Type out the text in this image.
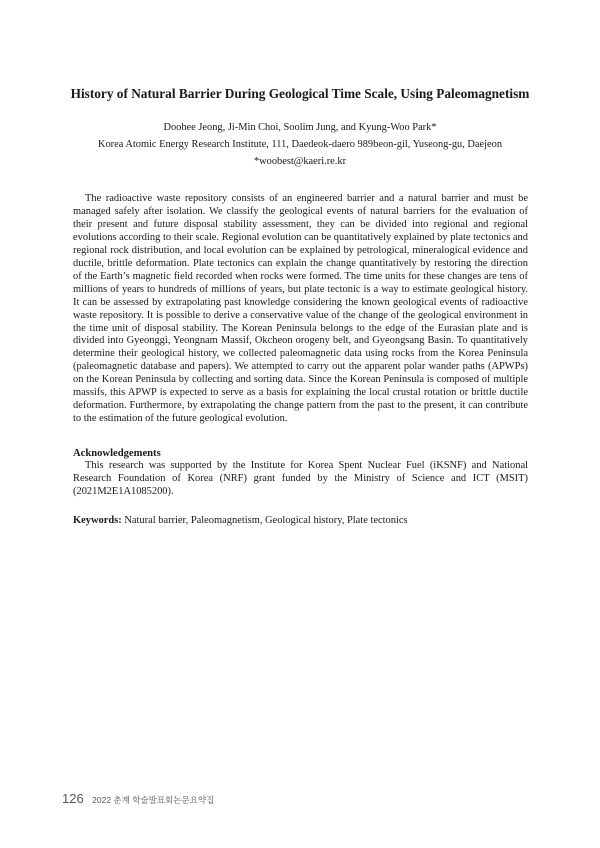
History of Natural Barrier During Geological Time Scale, Using Paleomagnetism

Doohee Jeong, Ji-Min Choi, Soolim Jung, and Kyung-Woo Park*

Korea Atomic Energy Research Institute, 111, Daedeok-daero 989beon-gil, Yuseong-gu, Daejeon

*woobest@kaeri.re.kr

The radioactive waste repository consists of an engineered barrier and a natural barrier and must be managed safely after isolation. We classify the geological events of natural barriers for the evaluation of their present and future disposal stability assessment, they can be divided into regional and regional evolutions according to their scale. Regional evolution can be quantitatively explained by plate tectonics and regional rock distribution, and local evolution can be explained by petrological, mineralogical evidence and ductile, brittle deformation. Plate tectonics can explain the change quantitatively by restoring the direction of the Earth’s magnetic field recorded when rocks were formed. The time units for these changes are tens of millions of years to hundreds of millions of years, but plate tectonic is a way to estimate geological history. It can be assessed by extrapolating past knowledge considering the known geological events of radioactive waste repository. It is possible to derive a conservative value of the change of the geological environment in the time unit of disposal stability. The Korean Peninsula belongs to the edge of the Eurasian plate and is divided into Gyeonggi, Yeongnam Massif, Okcheon orogeny belt, and Gyeongsang Basin. To quantitatively determine their geological history, we collected paleomagnetic data using rocks from the Korea Peninsula (paleomagnetic database and papers). We attempted to carry out the apparent polar wander paths (APWPs) on the Korean Peninsula by collecting and sorting data. Since the Korean Peninsula is composed of multiple massifs, this APWP is expected to serve as a basis for explaining the local crustal rotation or brittle ductile deformation. Furthermore, by extrapolating the change pattern from the past to the present, it can contribute to the estimation of the future geological evolution.

Acknowledgements

This research was supported by the Institute for Korea Spent Nuclear Fuel (iKSNF) and National Research Foundation of Korea (NRF) grant funded by the Ministry of Science and ICT (MSIT) (2021M2E1A1085200).

Keywords: Natural barrier, Paleomagnetism, Geological history, Plate tectonics

126 2022 춘계 학술발표회논문요약집
